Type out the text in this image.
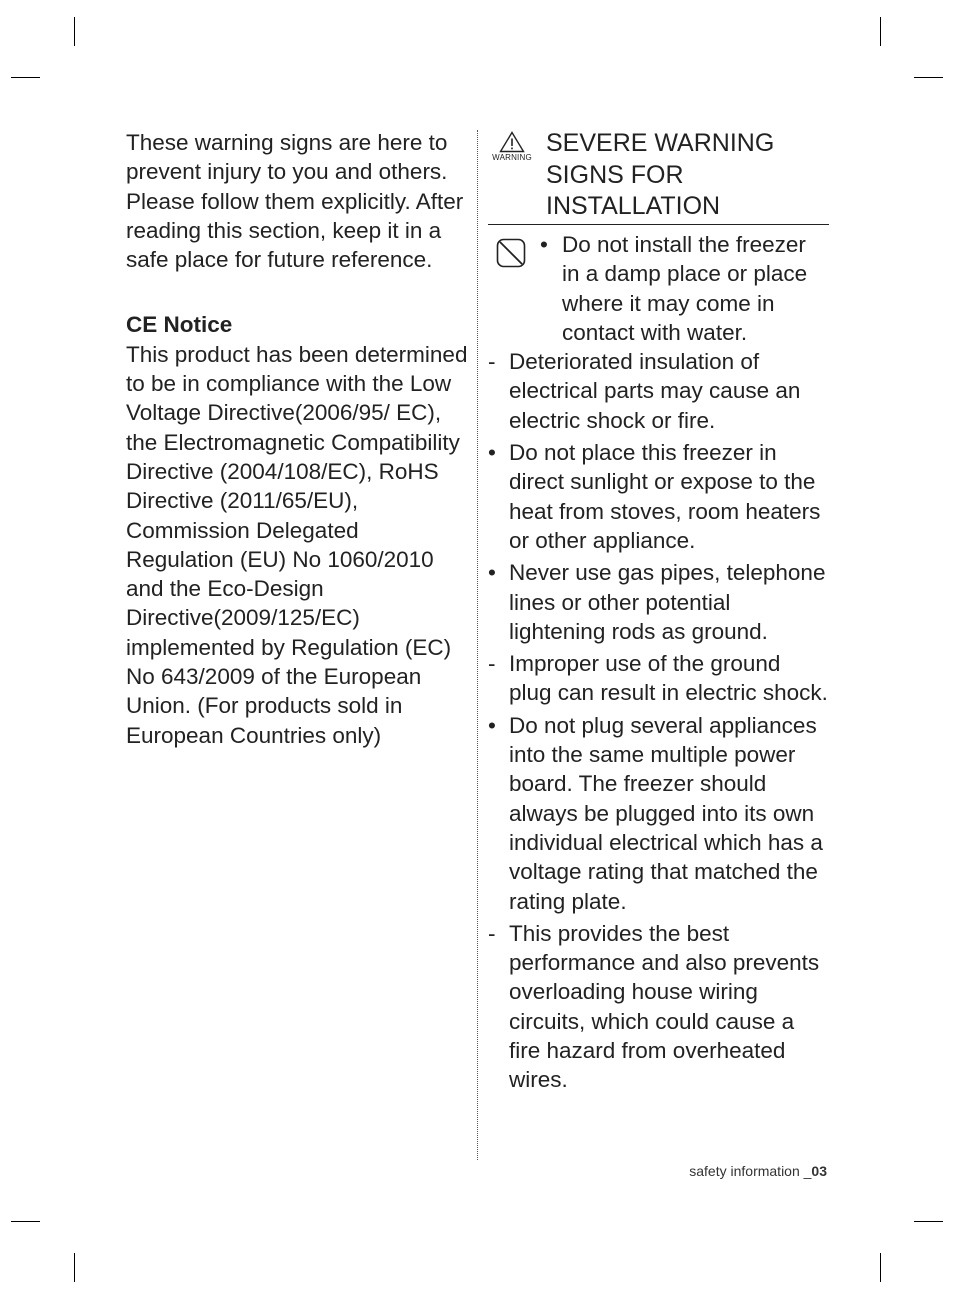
These warning signs are here to prevent injury to you and others. Please follow them explicitly. After reading this section, keep it in a safe place for future reference.

CE Notice

This product has been determined to be in compliance with the Low Voltage Directive(2006/95/ EC), the Electromagnetic Compatibility Directive (2004/108/EC), RoHS Directive (2011/65/EU), Commission Delegated Regulation (EU) No 1060/2010 and the Eco-Design Directive(2009/125/EC) implemented by Regulation (EC) No 643/2009 of the European Union. (For products sold in European Countries only)

WARNING
SEVERE WARNING SIGNS FOR INSTALLATION
• Do not install the freezer in a damp place or place where it may come in contact with water.
- Deteriorated insulation of electrical parts may cause an electric shock or fire.
• Do not place this freezer in direct sunlight or expose to the heat from stoves, room heaters or other appliance.
• Never use gas pipes, telephone lines or other potential lightening rods as ground.
- Improper use of the ground plug can result in electric shock.
• Do not plug several appliances into the same multiple power board. The freezer should always be plugged into its own individual electrical which has a voltage rating that matched the rating plate.
- This provides the best performance and also prevents overloading house wiring circuits, which could cause a fire hazard from overheated wires.
safety information _03
